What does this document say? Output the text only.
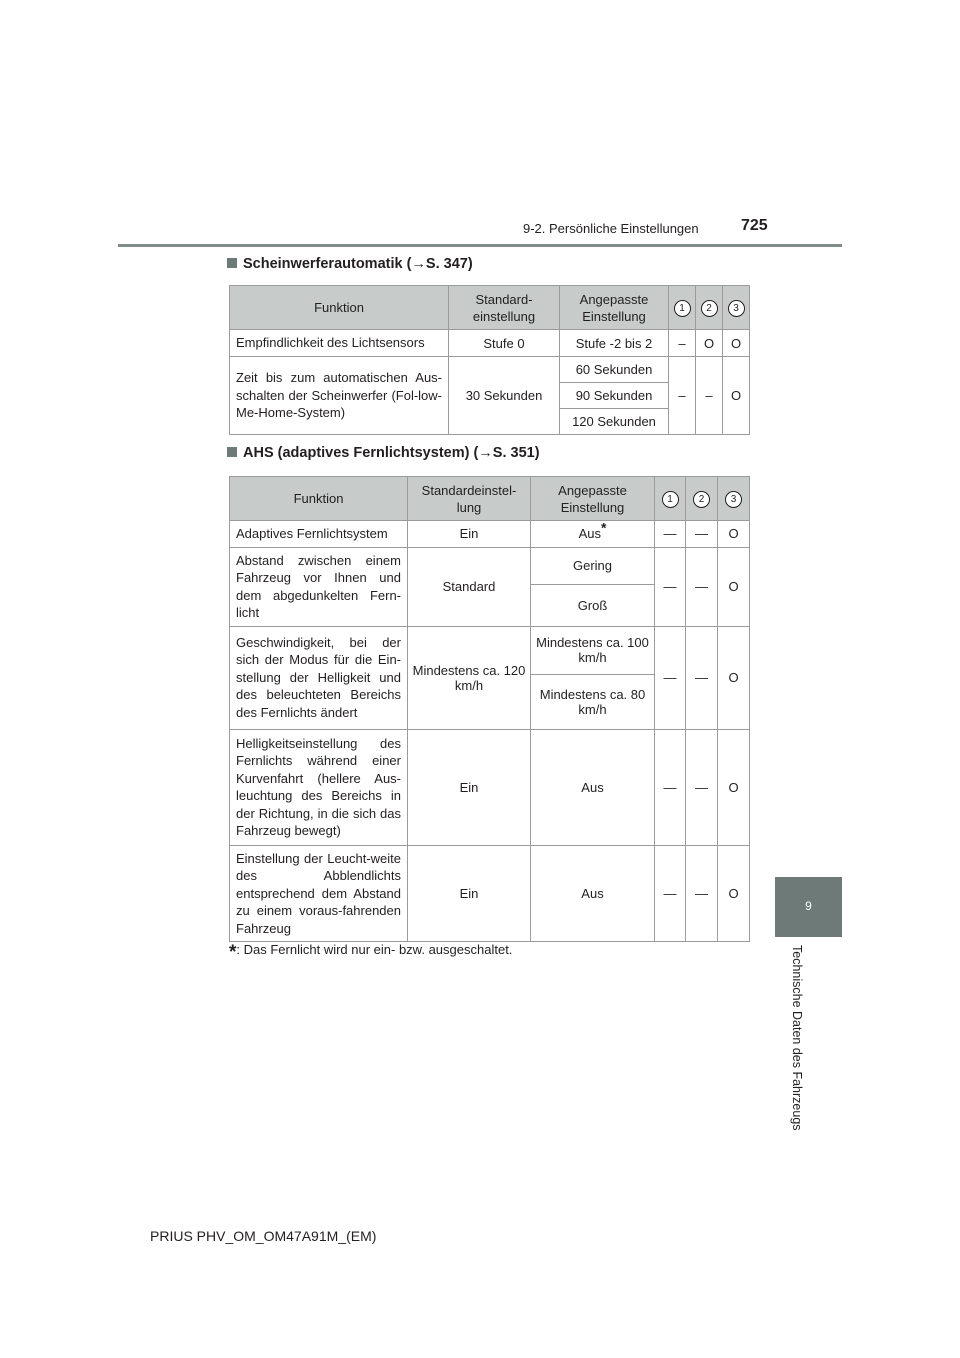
9-2. Persönliche Einstellungen	725
9
Technische Daten des Fahrzeugs
Scheinwerferautomatik (→S. 347)
Funktion	Standard-einstellung	Angepasste Einstellung	1	2	3
Empfindlichkeit des Lichtsensors	Stufe 0	Stufe -2 bis 2	–	O	O
Zeit bis zum automatischen Aus-schalten der Scheinwerfer (Fol-low-Me-Home-System)	30 Sekunden	60 Sekunden	–	–	O
		90 Sekunden			
		120 Sekunden			
AHS (adaptives Fernlichtsystem) (→S. 351)
Funktion	Standardeinstel-lung	Angepasste Einstellung	1	2	3
Adaptives Fernlichtsystem	Ein	Aus*	—	—	O
Abstand zwischen einem Fahrzeug vor Ihnen und dem abgedunkelten Fern-licht	Standard	Gering	—	—	O
		Groß			
Geschwindigkeit, bei der sich der Modus für die Ein-stellung der Helligkeit und des beleuchteten Bereichs des Fernlichts ändert	Mindestens ca. 120 km/h	Mindestens ca. 100 km/h	—	—	O
		Mindestens ca. 80 km/h			
Helligkeitseinstellung des Fernlichts während einer Kurvenfahrt (hellere Aus-leuchtung des Bereichs in der Richtung, in die sich das Fahrzeug bewegt)	Ein	Aus	—	—	O
Einstellung der Leucht-weite des Abblendlichts entsprechend dem Abstand zu einem voraus-fahrenden Fahrzeug	Ein	Aus	—	—	O
*: Das Fernlicht wird nur ein- bzw. ausgeschaltet.
PRIUS PHV_OM_OM47A91M_(EM)
